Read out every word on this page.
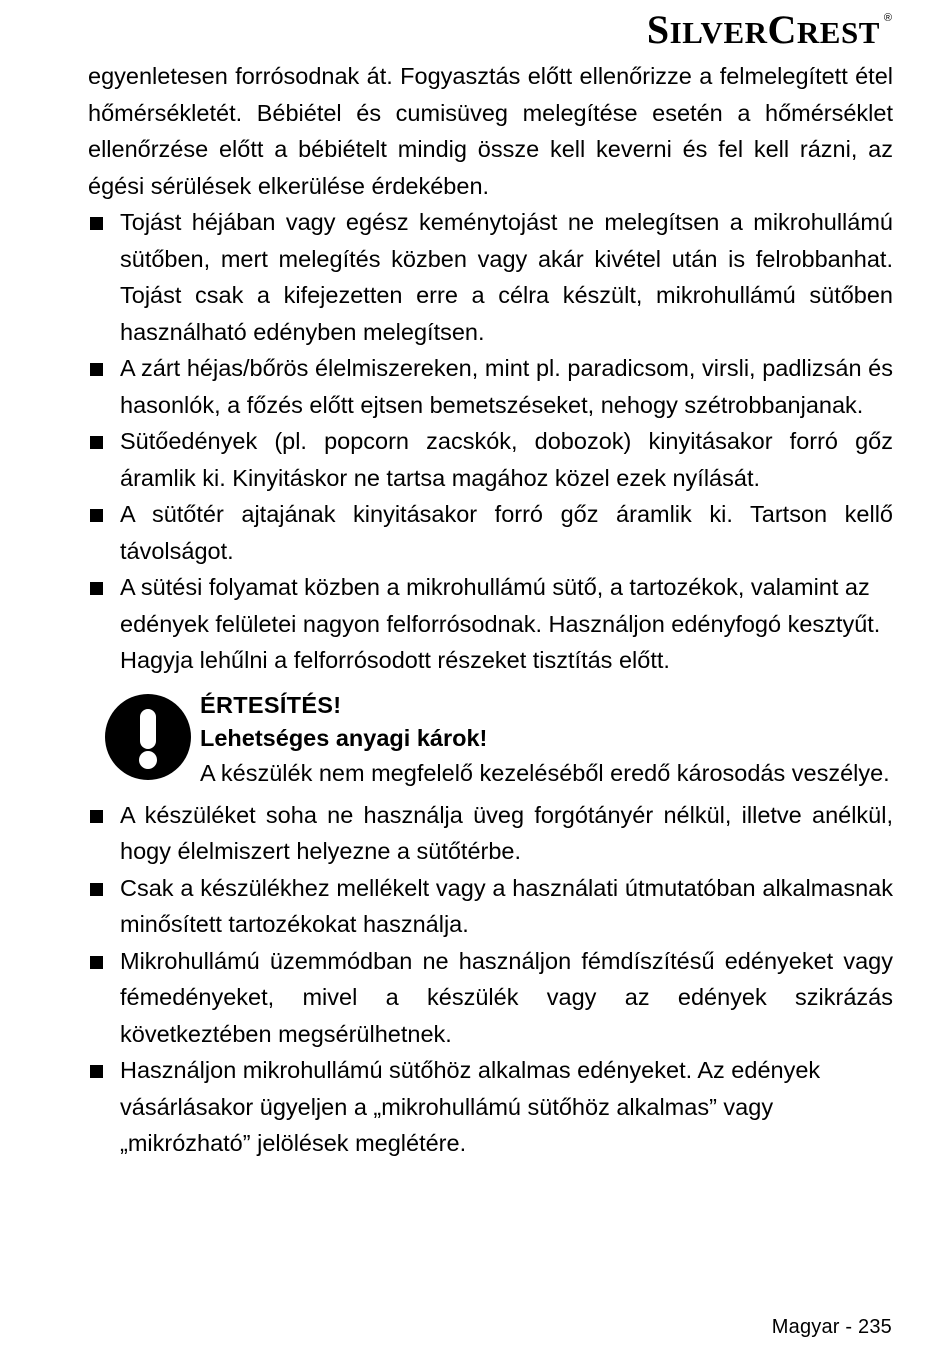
SILVERCREST ®

egyenletesen forrósodnak át. Fogyasztás előtt ellenőrizze a felmelegített étel hőmérsékletét. Bébiétel és cumisüveg melegítése esetén a hőmérséklet ellenőrzése előtt a bébiételt mindig össze kell keverni és fel kell rázni, az égési sérülések elkerülése érdekében.

Tojást héjában vagy egész keménytojást ne melegítsen a mikrohullámú sütőben, mert melegítés közben vagy akár kivétel után is felrobbanhat. Tojást csak a kifejezetten erre a célra készült, mikrohullámú sütőben használható edényben melegítsen.
A zárt héjas/bőrös élelmiszereken, mint pl. paradicsom, virsli, padlizsán és hasonlók, a főzés előtt ejtsen bemetszéseket, nehogy szétrobbanjanak.
Sütőedények (pl. popcorn zacskók, dobozok) kinyitásakor forró gőz áramlik ki. Kinyitáskor ne tartsa magához közel ezek nyílását.
A sütőtér ajtajának kinyitásakor forró gőz áramlik ki. Tartson kellő távolságot.
A sütési folyamat közben a mikrohullámú sütő, a tartozékok, valamint az edények felületei nagyon felforrósodnak. Használjon edényfogó kesztyűt. Hagyja lehűlni a felforrósodott részeket tisztítás előtt.
ÉRTESÍTÉS!
Lehetséges anyagi károk!
A készülék nem megfelelő kezeléséből eredő károsodás veszélye.
A készüléket soha ne használja üveg forgótányér nélkül, illetve anélkül, hogy élelmiszert helyezne a sütőtérbe.
Csak a készülékhez mellékelt vagy a használati útmutatóban alkalmasnak minősített tartozékokat használja.
Mikrohullámú üzemmódban ne használjon fémdíszítésű edényeket vagy fémedényeket, mivel a készülék vagy az edények szikrázás következtében megsérülhetnek.
Használjon mikrohullámú sütőhöz alkalmas edényeket. Az edények vásárlásakor ügyeljen a „mikrohullámú sütőhöz alkalmas” vagy „mikrózható” jelölések meglétére.
Magyar - 235
